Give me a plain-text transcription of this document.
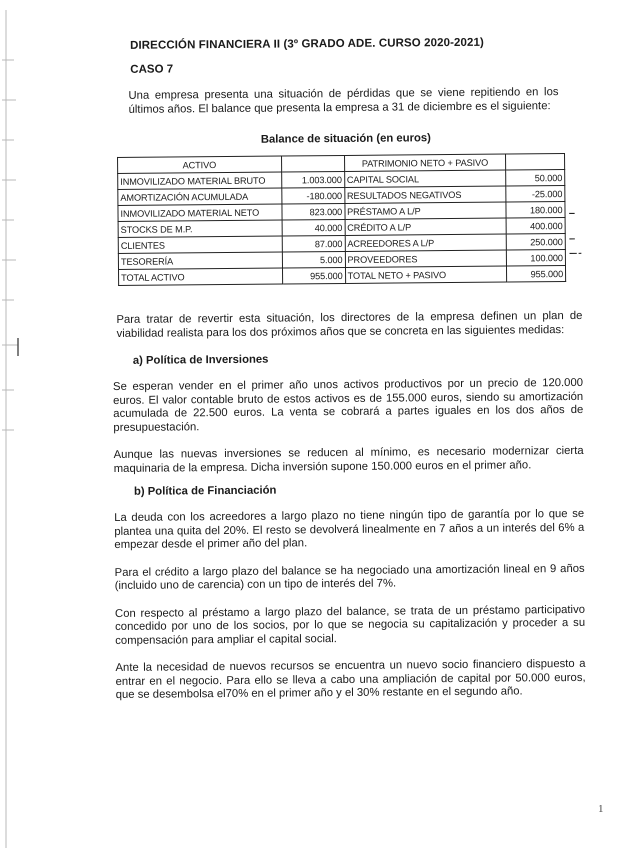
DIRECCIÓN FINANCIERA II (3º GRADO ADE. CURSO 2020-2021)
CASO 7

Una empresa presenta una situación de pérdidas que se viene repitiendo en los últimos años. El balance que presenta la empresa a 31 de diciembre es el siguiente:

Balance de situación (en euros)
ACTIVO		PATRIMONIO NETO + PASIVO	
INMOVILIZADO MATERIAL BRUTO	1.003.000	CAPITAL SOCIAL	50.000
AMORTIZACIÓN ACUMULADA	-180.000	RESULTADOS NEGATIVOS	-25.000
INMOVILIZADO MATERIAL NETO	823.000	PRÉSTAMO A L/P	180.000
STOCKS DE M.P.	40.000	CRÉDITO A L/P	400.000
CLIENTES	87.000	ACREEDORES A L/P	250.000
TESORERÍA	5.000	PROVEEDORES	100.000
TOTAL ACTIVO	955.000	TOTAL NETO + PASIVO	955.000

Para tratar de revertir esta situación, los directores de la empresa definen un plan de viabilidad realista para los dos próximos años que se concreta en las siguientes medidas:

a) Política de Inversiones

Se esperan vender en el primer año unos activos productivos por un precio de 120.000 euros. El valor contable bruto de estos activos es de 155.000 euros, siendo su amortización acumulada de 22.500 euros. La venta se cobrará a partes iguales en los dos años de presupuestación.

Aunque las nuevas inversiones se reducen al mínimo, es necesario modernizar cierta maquinaria de la empresa. Dicha inversión supone 150.000 euros en el primer año.

b) Política de Financiación

La deuda con los acreedores a largo plazo no tiene ningún tipo de garantía por lo que se plantea una quita del 20%. El resto se devolverá linealmente en 7 años a un interés del 6% a empezar desde el primer año del plan.

Para el crédito a largo plazo del balance se ha negociado una amortización lineal en 9 años (incluido uno de carencia) con un tipo de interés del 7%.

Con respecto al préstamo a largo plazo del balance, se trata de un préstamo participativo concedido por uno de los socios, por lo que se negocia su capitalización y proceder a su compensación para ampliar el capital social.

Ante la necesidad de nuevos recursos se encuentra un nuevo socio financiero dispuesto a entrar en el negocio. Para ello se lleva a cabo una ampliación de capital por 50.000 euros, que se desembolsa el70% en el primer año y el 30% restante en el segundo año.

1
